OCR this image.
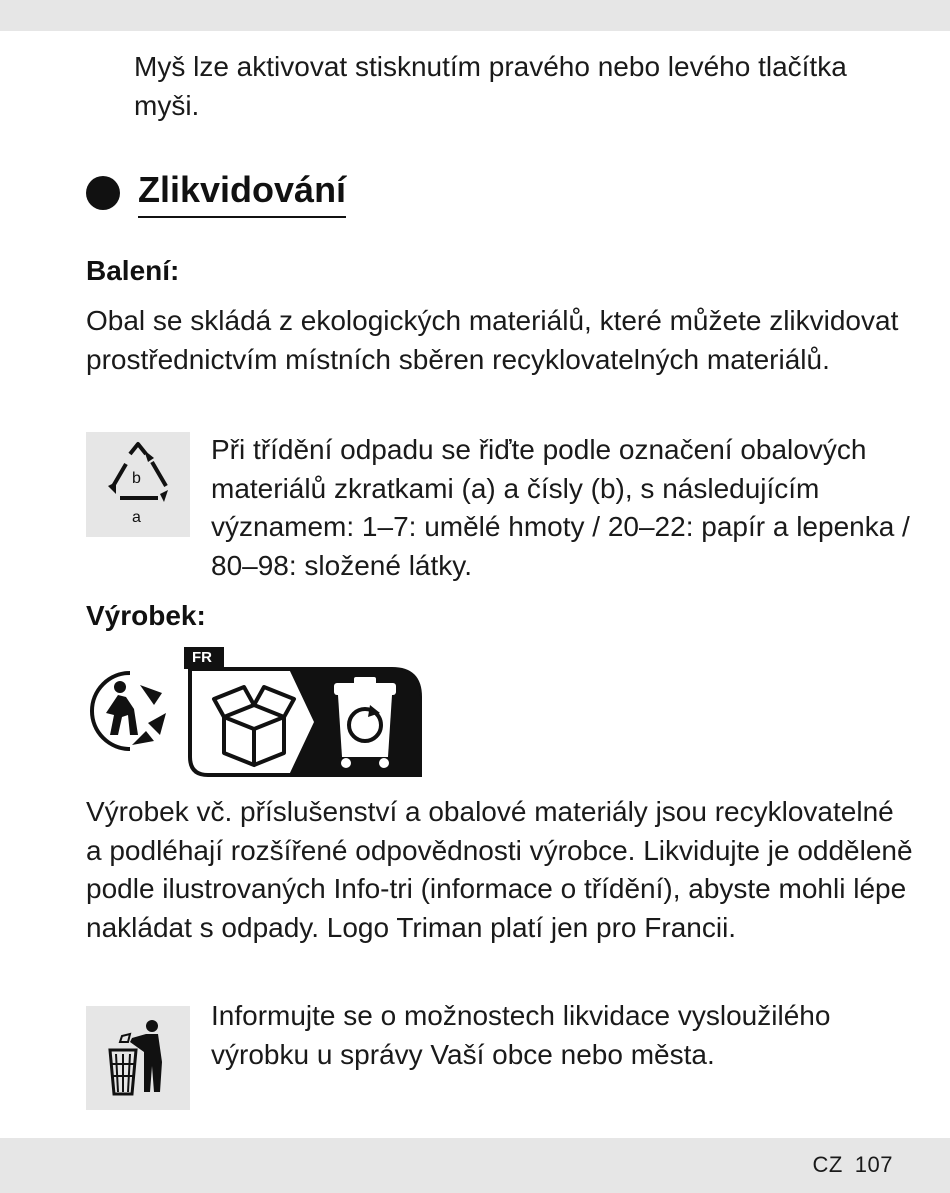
Myš lze aktivovat stisknutím pravého nebo levého tlačítka myši.
Zlikvidování
Balení:
Obal se skládá z ekologických materiálů, které můžete zlikvidovat prostřednictvím místních sběren recyklovatelných materiálů.
b
a
Při třídění odpadu se řiďte podle označení obalových materiálů zkratkami (a) a čísly (b), s následujícím významem: 1–7: umělé hmoty / 20–22: papír a lepenka / 80–98: složené látky.
Výrobek:
FR
Výrobek vč. příslušenství a obalové materiály jsou recyklovatelné a podléhají rozšířené odpovědnosti výrobce. Likvidujte je odděleně podle ilustrovaných Info-tri (informace o třídění), abyste mohli lépe nakládat s odpady. Logo Triman platí jen pro Francii.
Informujte se o možnostech likvidace vysloužilého výrobku u správy Vaší obce nebo města.
CZ 107
